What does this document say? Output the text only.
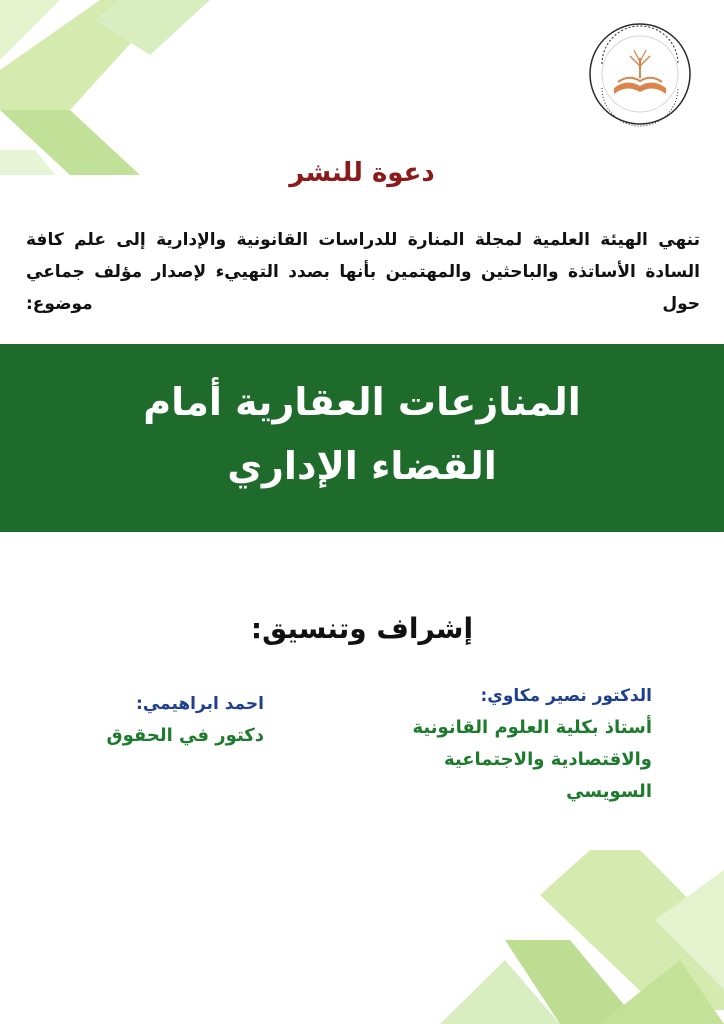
دعوة للنشر
تنهي الهيئة العلمية لمجلة المنارة للدراسات القانونية والإدارية إلى علم كافة السادة الأساتذة والباحثين والمهتمين بأنها بصدد التهييء لإصدار مؤلف جماعي حول موضوع:
المنازعات العقارية أمام
القضاء الإداري
إشراف وتنسيق:
الدكتور نصير مكاوي:
أستاذ بكلية العلوم القانونية
والاقتصادية والاجتماعية
السويسي
احمد ابراهيمي:
دكتور في الحقوق
